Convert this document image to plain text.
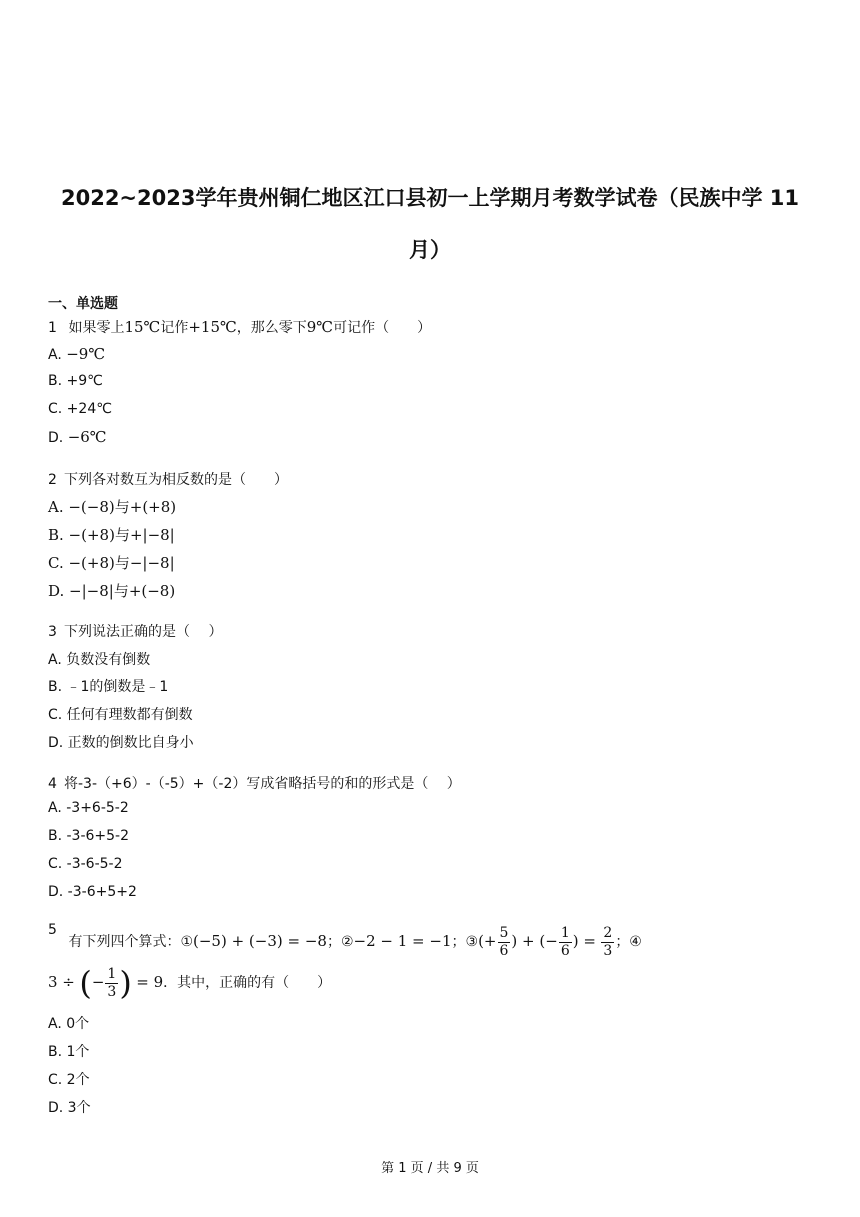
2022~2023学年贵州铜仁地区江口县初一上学期月考数学试卷（民族中学 11
月）
一、单选题
1 如果零上15℃记作+15℃，那么零下9℃可记作（　　）
A. −9℃
B. +9℃
C. +24℃
D. −6℃
2 下列各对数互为相反数的是（　　）
A. −(−8)与+(+8)
B. −(+8)与+|−8|
C. −(+8)与−|−8|
D. −|−8|与+(−8)
3 下列说法正确的是（　 ）
A. 负数没有倒数
B. ﹣1的倒数是﹣1
C. 任何有理数都有倒数
D. 正数的倒数比自身小
4 将-3-（+6）-（-5）+（-2）写成省略括号的和的形式是（　 ）
A. -3+6-5-2
B. -3-6+5-2
C. -3-6-5-2
D. -3-6+5+2
5 有下列四个算式：①(−5) + (−3) = −8；②−2 − 1 = −1；③(+ $\frac{5}{6}$ ) + (− $\frac{1}{6}$ ) = $\frac{2}{3}$ ；④
3 ÷ (− $\frac{1}{3}$ ) = 9．其中，正确的有（　　）
A. 0个
B. 1个
C. 2个
D. 3个
第 1 页 / 共 9 页
